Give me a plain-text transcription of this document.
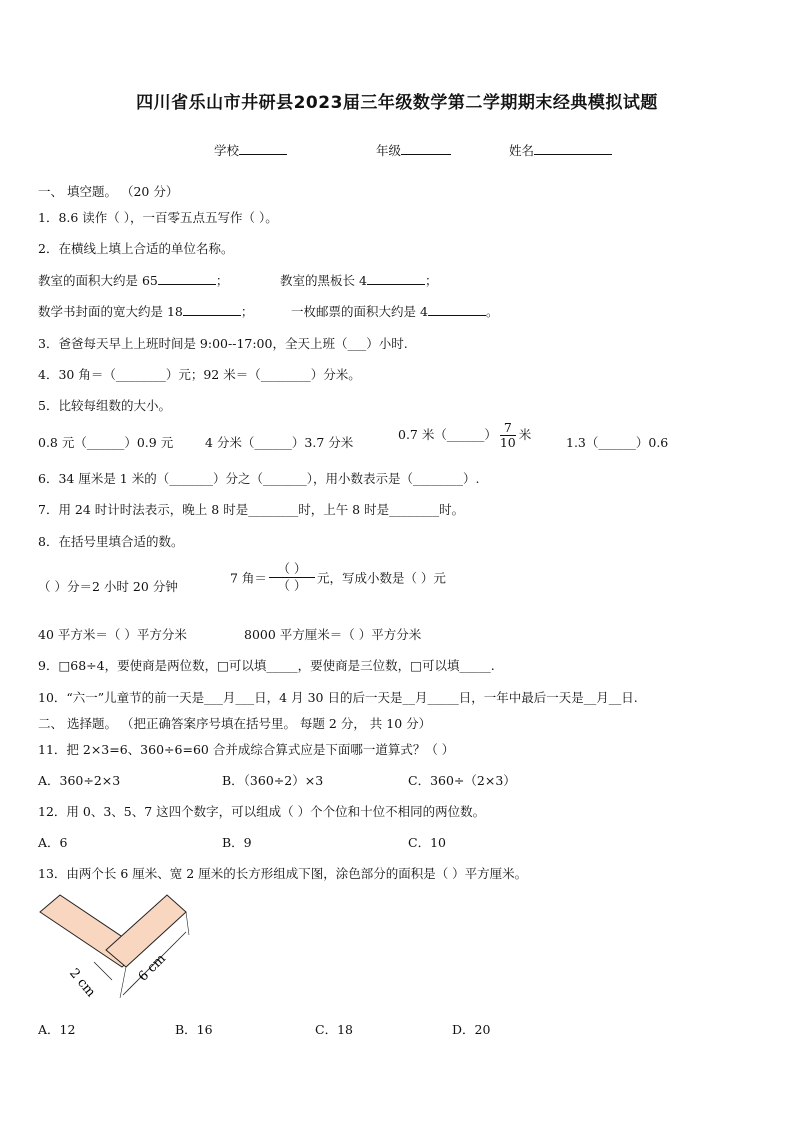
四川省乐山市井研县2023届三年级数学第二学期期末经典模拟试题
学校	年级	姓名
一、 填空题。 （20 分）
1．8.6 读作（ ），一百零五点五写作（ ）。
2．在横线上填上合适的单位名称。
教室的面积大约是 65	；	教室的黑板长 4	；
数学书封面的宽大约是 18	；	一枚邮票的面积大约是 4	。
3．爸爸每天早上上班时间是 9:00--17:00，全天上班（___）小时.
4．30 角＝（________）元；92 米＝（________）分米。
5．比较每组数的大小。
0.8 元（______）0.9 元	4 分米（______）3.7 分米
0.7 米（______） $\frac{7}{10}$ 米
1.3（______）0.6
6．34 厘米是 1 米的（_______）分之（_______），用小数表示是（________）.
7．用 24 时计时法表示，晚上 8 时是________时，上午 8 时是________时。
8．在括号里填合适的数。
（ ）分＝2 小时 20 分钟
7 角＝ $\frac{( )}{( )}$ 元，写成小数是（ ）元
40 平方米＝（ ）平方分米	8000 平方厘米＝（ ）平方分米
9．□68÷4，要使商是两位数，□可以填_____，要使商是三位数，□可以填_____.
10．“六一”儿童节的前一天是___月___日，4 月 30 日的后一天是__月_____日，一年中最后一天是__月__日.
二、 选择题。 （把正确答案序号填在括号里。 每题 2 分， 共 10 分）
11．把 2×3=6、360÷6=60 合并成综合算式应是下面哪一道算式？（ ）
A．360÷2×3	B．（360÷2）×3	C．360÷（2×3）
12．用 0、3、5、7 这四个数字，可以组成（ ）个个位和十位不相同的两位数。
A．6	B．9	C．10
13．由两个长 6 厘米、宽 2 厘米的长方形组成下图，涂色部分的面积是（ ）平方厘米。
2 cm	6 cm
A．12	B．16	C．18	D．20
